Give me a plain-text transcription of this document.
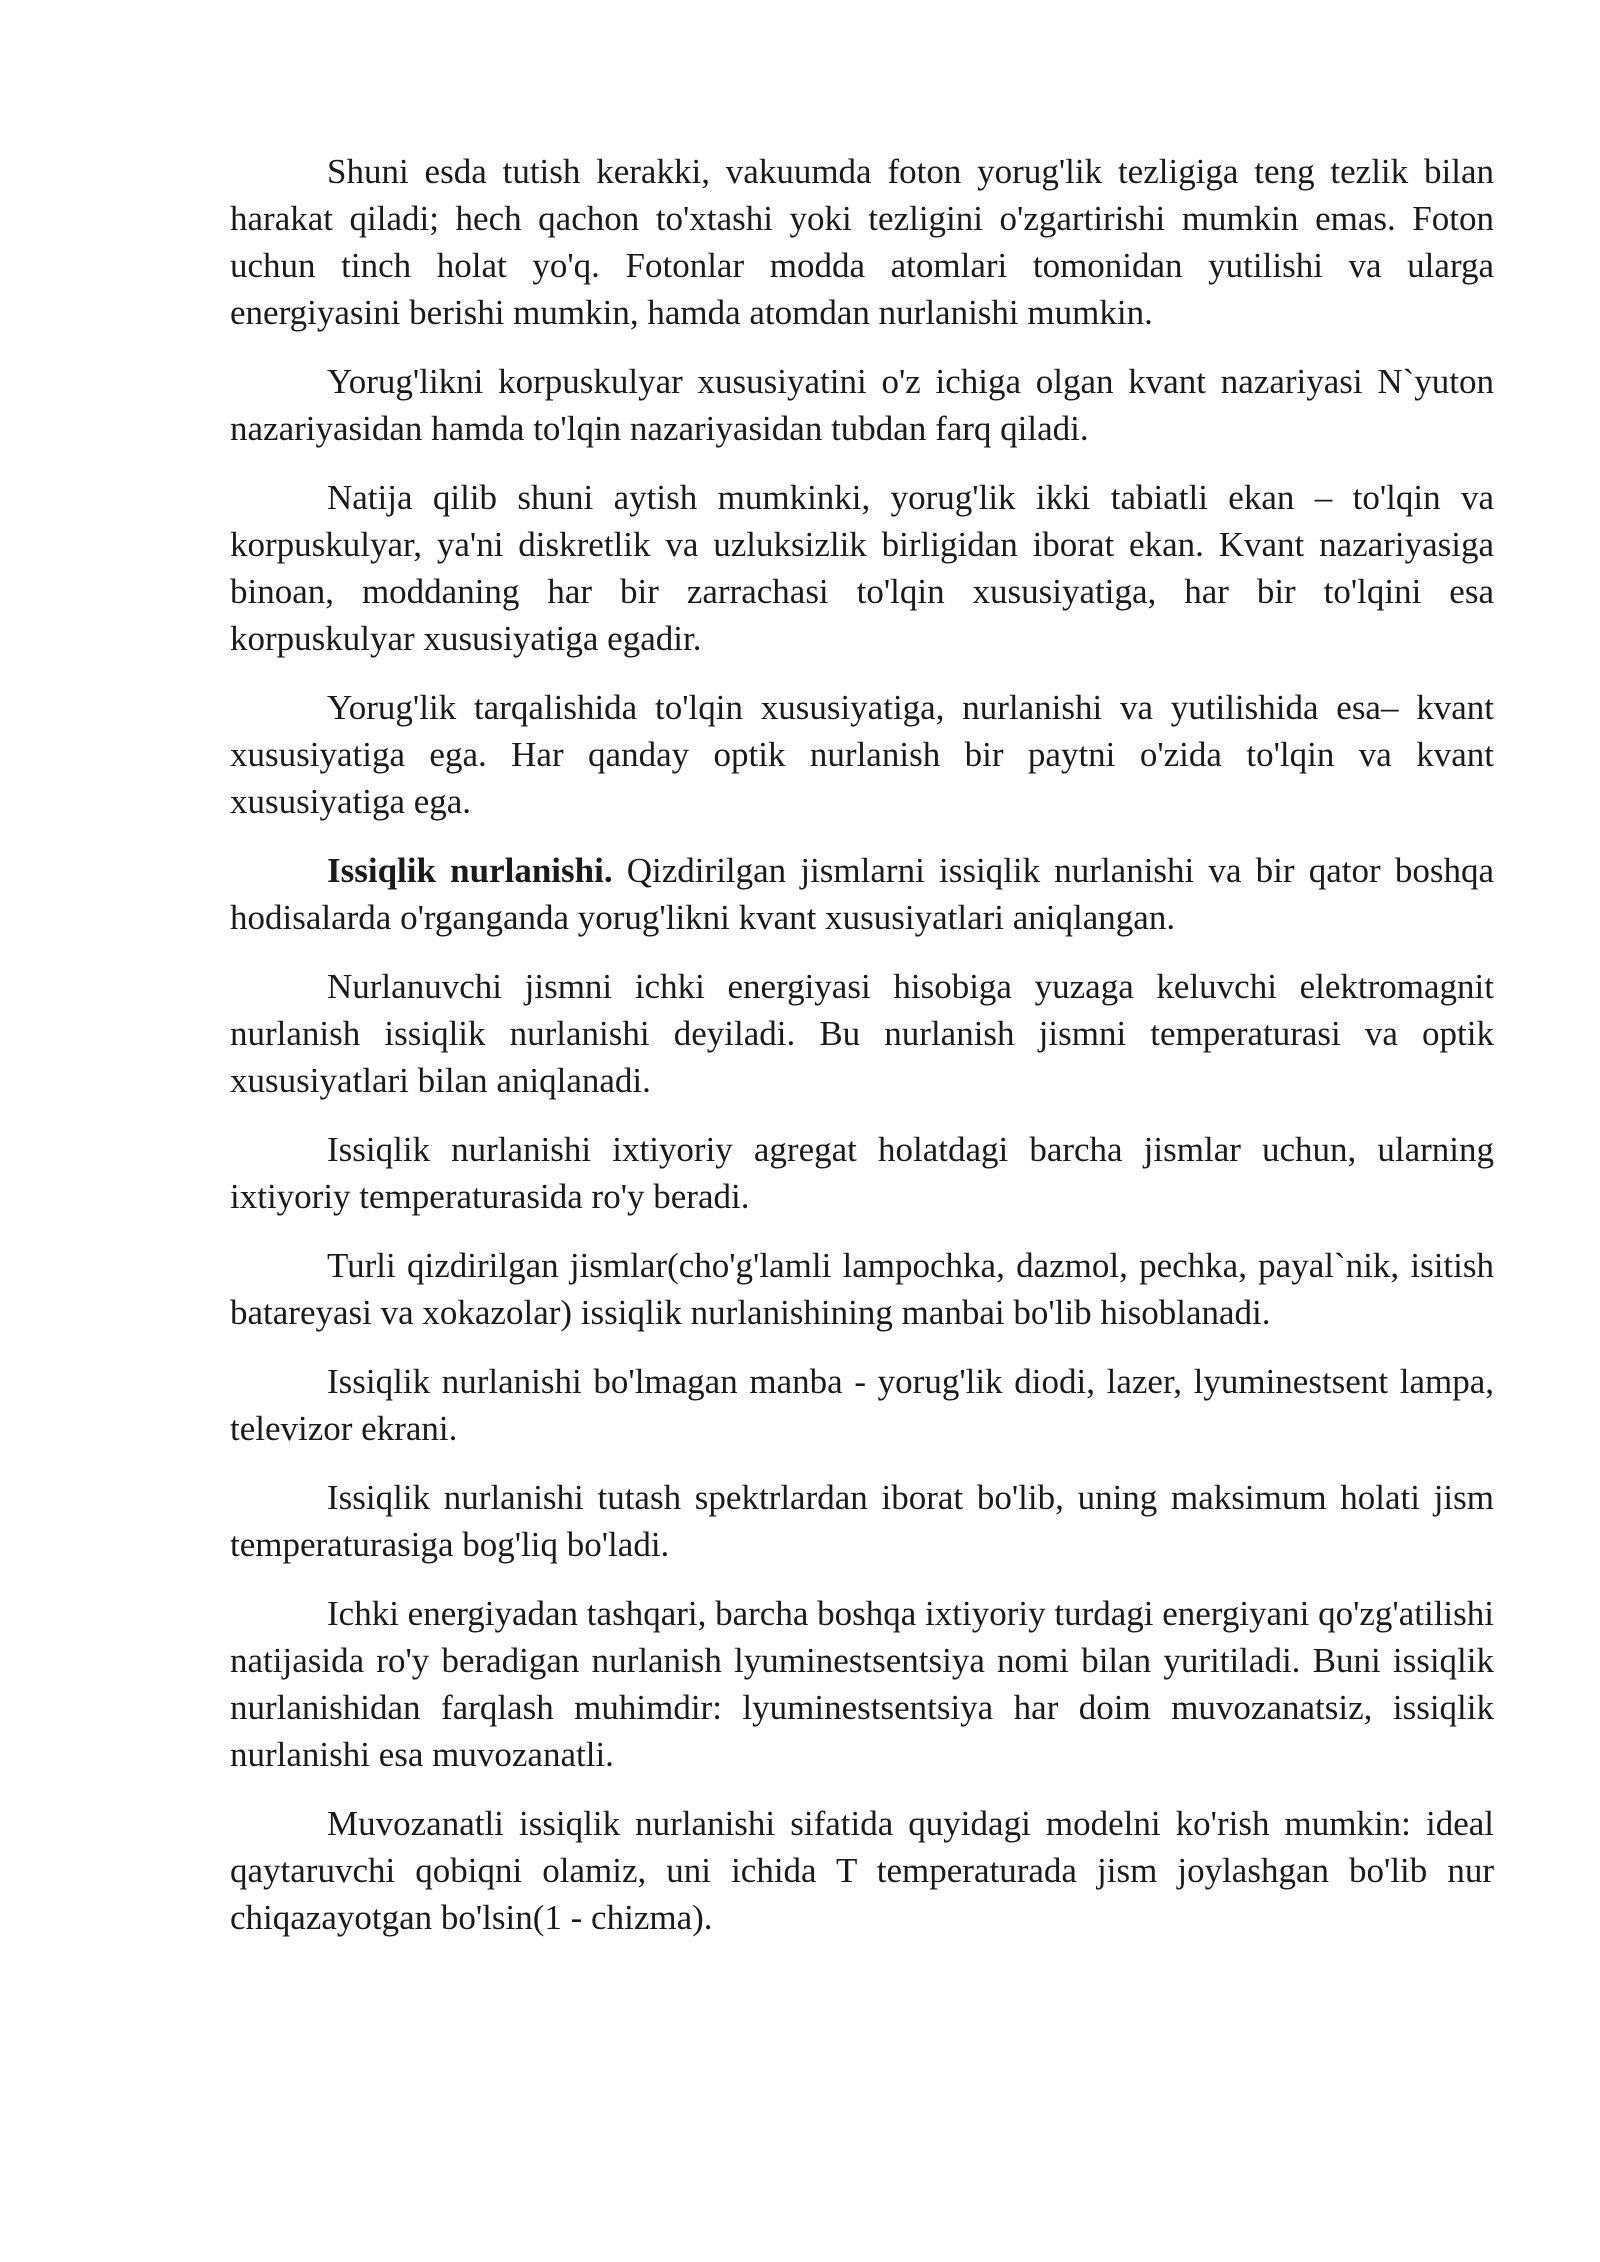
Shuni esda tutish kerakki, vakuumda foton yorug'lik tezligiga teng tezlik bilan harakat qiladi; hech qachon to'xtashi yoki tezligini o'zgartirishi mumkin emas. Foton uchun tinch holat yo'q. Fotonlar modda atomlari tomonidan yutilishi va ularga energiyasini berishi mumkin, hamda atomdan nurlanishi mumkin.

Yorug'likni korpuskulyar xususiyatini o'z ichiga olgan kvant nazariyasi N`yuton nazariyasidan hamda to'lqin nazariyasidan tubdan farq qiladi.

Natija qilib shuni aytish mumkinki, yorug'lik ikki tabiatli ekan – to'lqin va korpuskulyar, ya'ni diskretlik va uzluksizlik birligidan iborat ekan. Kvant nazariyasiga binoan, moddaning har bir zarrachasi to'lqin xususiyatiga, har bir to'lqini esa korpuskulyar xususiyatiga egadir.

Yorug'lik tarqalishida to'lqin xususiyatiga, nurlanishi va yutilishida esa– kvant xususiyatiga ega. Har qanday optik nurlanish bir paytni o'zida to'lqin va kvant xususiyatiga ega.

Issiqlik nurlanishi. Qizdirilgan jismlarni issiqlik nurlanishi va bir qator boshqa hodisalarda o'rganganda yorug'likni kvant xususiyatlari aniqlangan.

Nurlanuvchi jismni ichki energiyasi hisobiga yuzaga keluvchi elektromagnit nurlanish issiqlik nurlanishi deyiladi. Bu nurlanish jismni temperaturasi va optik xususiyatlari bilan aniqlanadi.

Issiqlik nurlanishi ixtiyoriy agregat holatdagi barcha jismlar uchun, ularning ixtiyoriy temperaturasida ro'y beradi.

Turli qizdirilgan jismlar(cho'g'lamli lampochka, dazmol, pechka, payal`nik, isitish batareyasi va xokazolar) issiqlik nurlanishining manbai bo'lib hisoblanadi.

Issiqlik nurlanishi bo'lmagan manba - yorug'lik diodi, lazer, lyuminestsent lampa, televizor ekrani.

Issiqlik nurlanishi tutash spektrlardan iborat bo'lib, uning maksimum holati jism temperaturasiga bog'liq bo'ladi.

Ichki energiyadan tashqari, barcha boshqa ixtiyoriy turdagi energiyani qo'zg'atilishi natijasida ro'y beradigan nurlanish lyuminestsentsiya nomi bilan yuritiladi. Buni issiqlik nurlanishidan farqlash muhimdir: lyuminestsentsiya har doim muvozanatsiz, issiqlik nurlanishi esa muvozanatli.

Muvozanatli issiqlik nurlanishi sifatida quyidagi modelni ko'rish mumkin: ideal qaytaruvchi qobiqni olamiz, uni ichida T temperaturada jism joylashgan bo'lib nur chiqazayotgan bo'lsin(1 - chizma).
